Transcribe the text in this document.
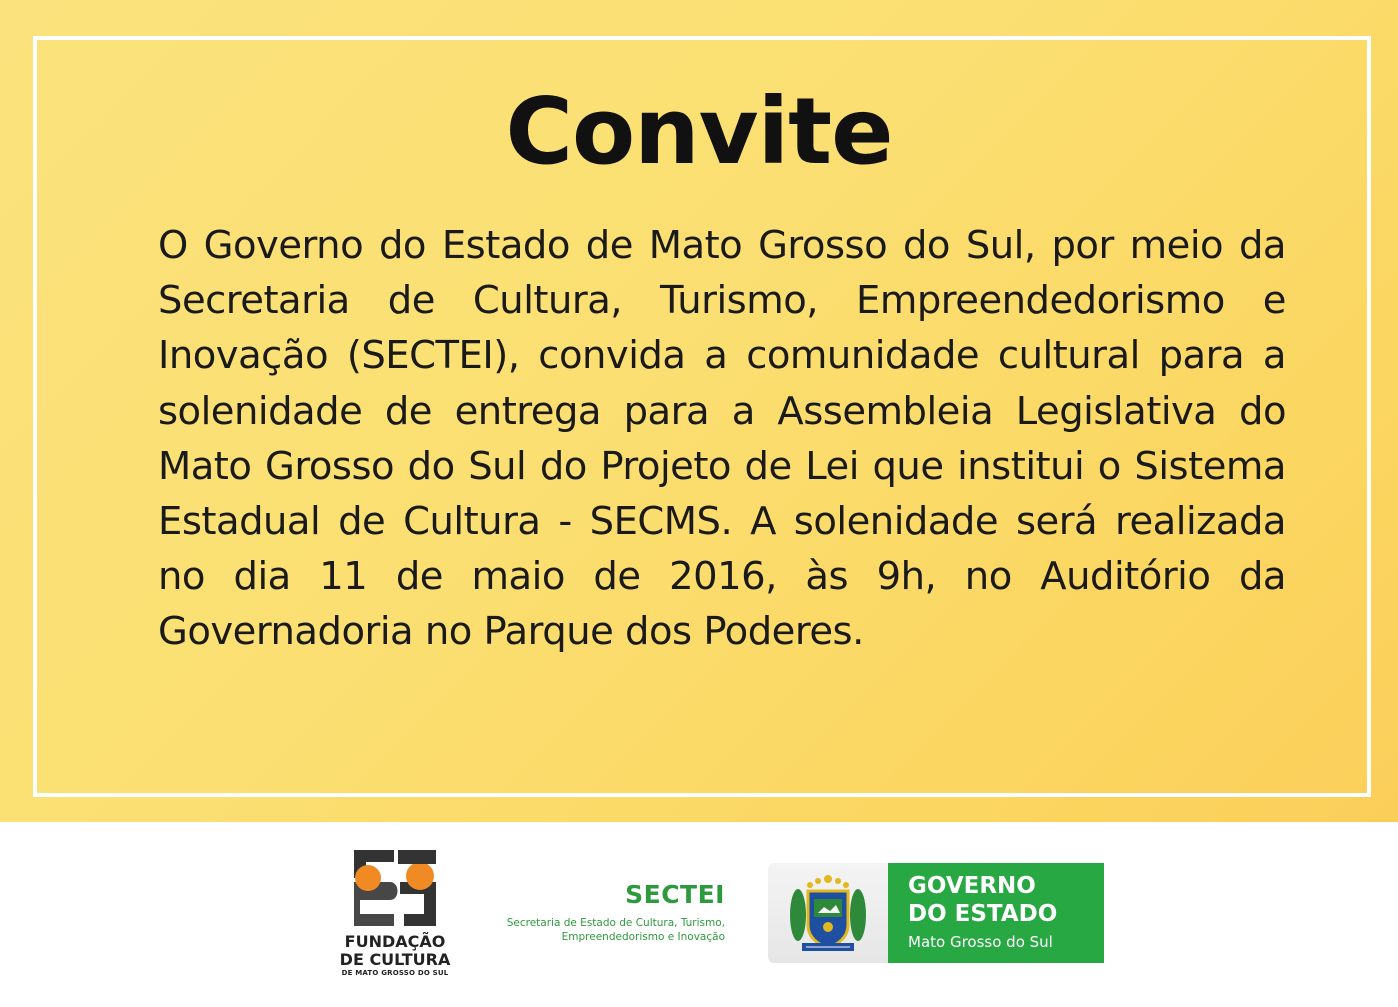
Convite

O Governo do Estado de Mato Grosso do Sul, por meio da Secretaria de Cultura, Turismo, Empreendedorismo e Inovação (SECTEI), convida a comunidade cultural para a solenidade de entrega para a Assembleia Legislativa do Mato Grosso do Sul do Projeto de Lei que institui o Sistema Estadual de Cultura - SECMS. A solenidade será realizada no dia 11 de maio de 2016, às 9h, no Auditório da Governadoria no Parque dos Poderes.

FUNDAÇÃO
DE CULTURA
DE MATO GROSSO DO SUL
SECTEI
Secretaria de Estado de Cultura, Turismo,
Empreendedorismo e Inovação
GOVERNO
DO ESTADO
Mato Grosso do Sul
